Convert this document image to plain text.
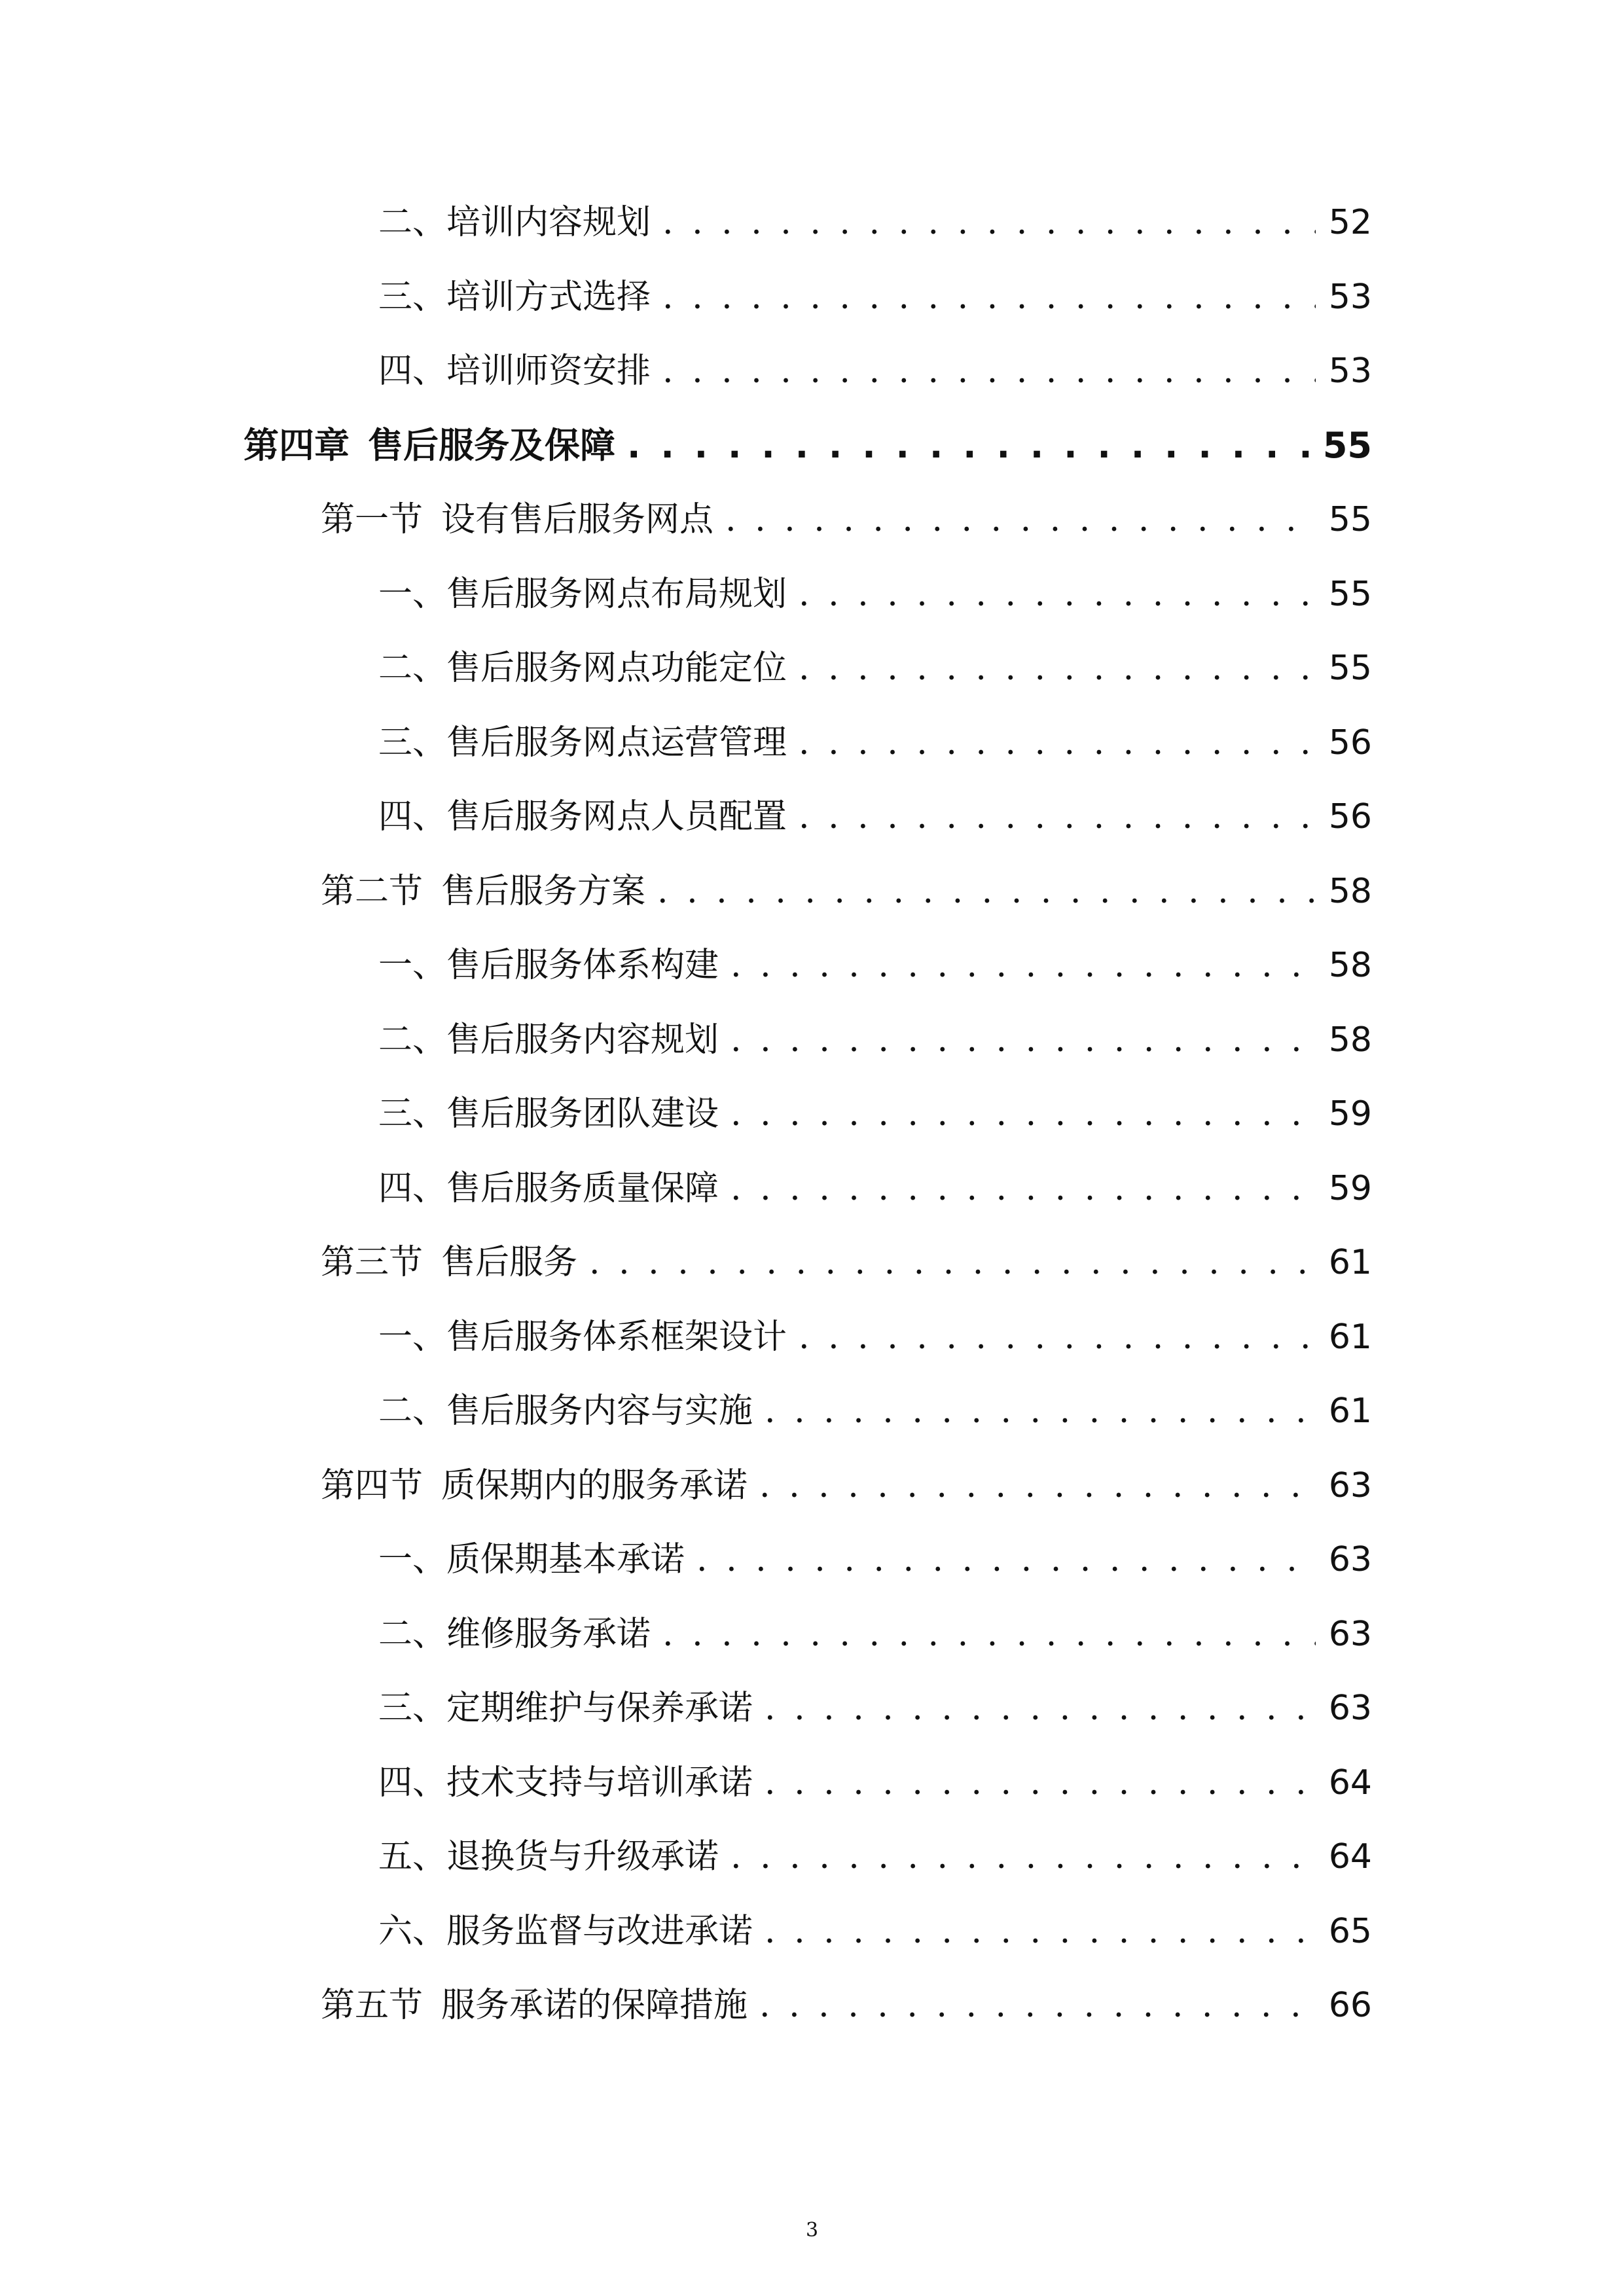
二、 培训内容规划 . . .	52
三、 培训方式选择 . . .	53
四、 培训师资安排 . . .	53
第四章 售后服务及保障 . . .	55
第一节 设有售后服务网点 . . .	55
一、 售后服务网点布局规划 . . .	55
二、 售后服务网点功能定位 . . .	55
三、 售后服务网点运营管理 . . .	56
四、 售后服务网点人员配置 . . .	56
第二节 售后服务方案 . . .	58
一、 售后服务体系构建 . . .	58
二、 售后服务内容规划 . . .	58
三、 售后服务团队建设 . . .	59
四、 售后服务质量保障 . . .	59
第三节 售后服务 . . .	61
一、 售后服务体系框架设计 . . .	61
二、 售后服务内容与实施 . . .	61
第四节 质保期内的服务承诺 . . .	63
一、 质保期基本承诺 . . .	63
二、 维修服务承诺 . . .	63
三、 定期维护与保养承诺 . . .	63
四、 技术支持与培训承诺 . . .	64
五、 退换货与升级承诺 . . .	64
六、 服务监督与改进承诺 . . .	65
第五节 服务承诺的保障措施 . . .	66
3
